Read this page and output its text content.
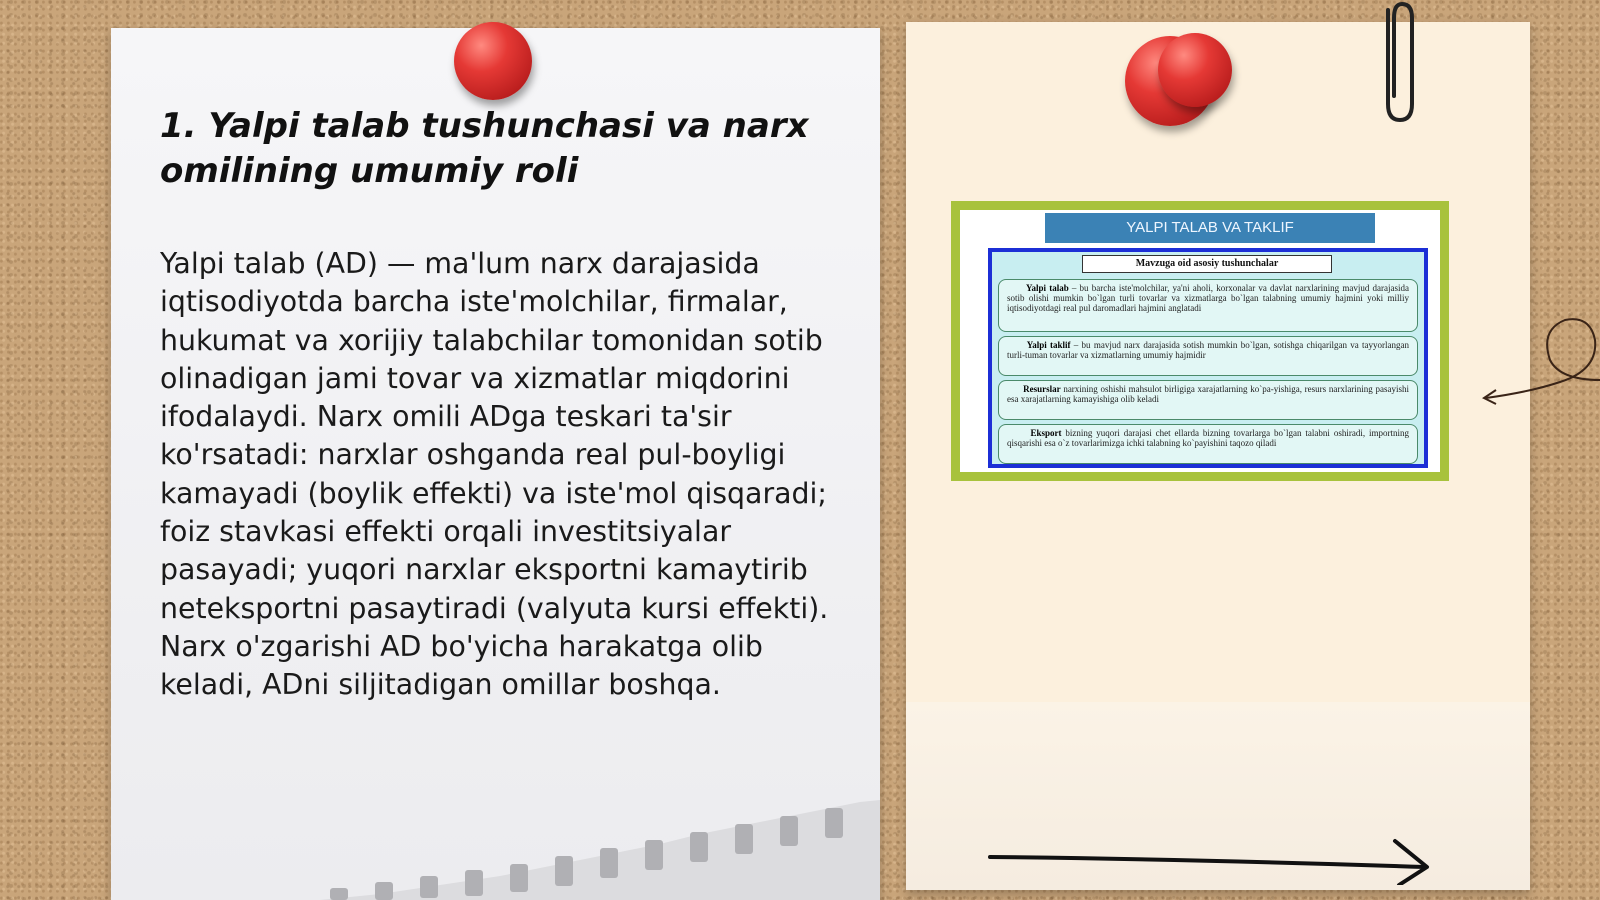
1. Yalpi talab tushunchasi va narx omilining umumiy roli

Yalpi talab (AD) — ma'lum narx darajasida iqtisodiyotda barcha iste'molchilar, firmalar, hukumat va xorijiy talabchilar tomonidan sotib olinadigan jami tovar va xizmatlar miqdorini ifodalaydi. Narx omili ADga teskari ta'sir ko'rsatadi: narxlar oshganda real pul-boyligi kamayadi (boylik effekti) va iste'mol qisqaradi; foiz stavkasi effekti orqali investitsiyalar pasayadi; yuqori narxlar eksportni kamaytirib neteksportni pasaytiradi (valyuta kursi effekti). Narx o'zgarishi AD bo'yicha harakatga olib keladi, ADni siljitadigan omillar boshqa.

YALPI TALAB VA TAKLIF
Mavzuga oid asosiy tushunchalar
Yalpi talab – bu barcha iste'molchilar, ya'ni aholi, korxonalar va davlat narxlarining mavjud darajasida sotib olishi mumkin bo`lgan turli tovarlar va xizmatlarga bo`lgan talabning umumiy hajmini yoki milliy iqtisodiyotdagi real pul daromadlari hajmini anglatadi
Yalpi taklif – bu mavjud narx darajasida sotish mumkin bo`lgan, sotishga chiqarilgan va tayyorlangan turli-tuman tovarlar va xizmatlarning umumiy hajmidir
Resurslar narxining oshishi mahsulot birligiga xarajatlarning ko`pa-yishiga, resurs narxlarining pasayishi esa xarajatlarning kamayishiga olib keladi
Eksport bizning yuqori darajasi chet ellarda bizning tovarlarga bo`lgan talabni oshiradi, importning qisqarishi esa o`z tovarlarimizga ichki talabning ko`payishini taqozo qiladi
